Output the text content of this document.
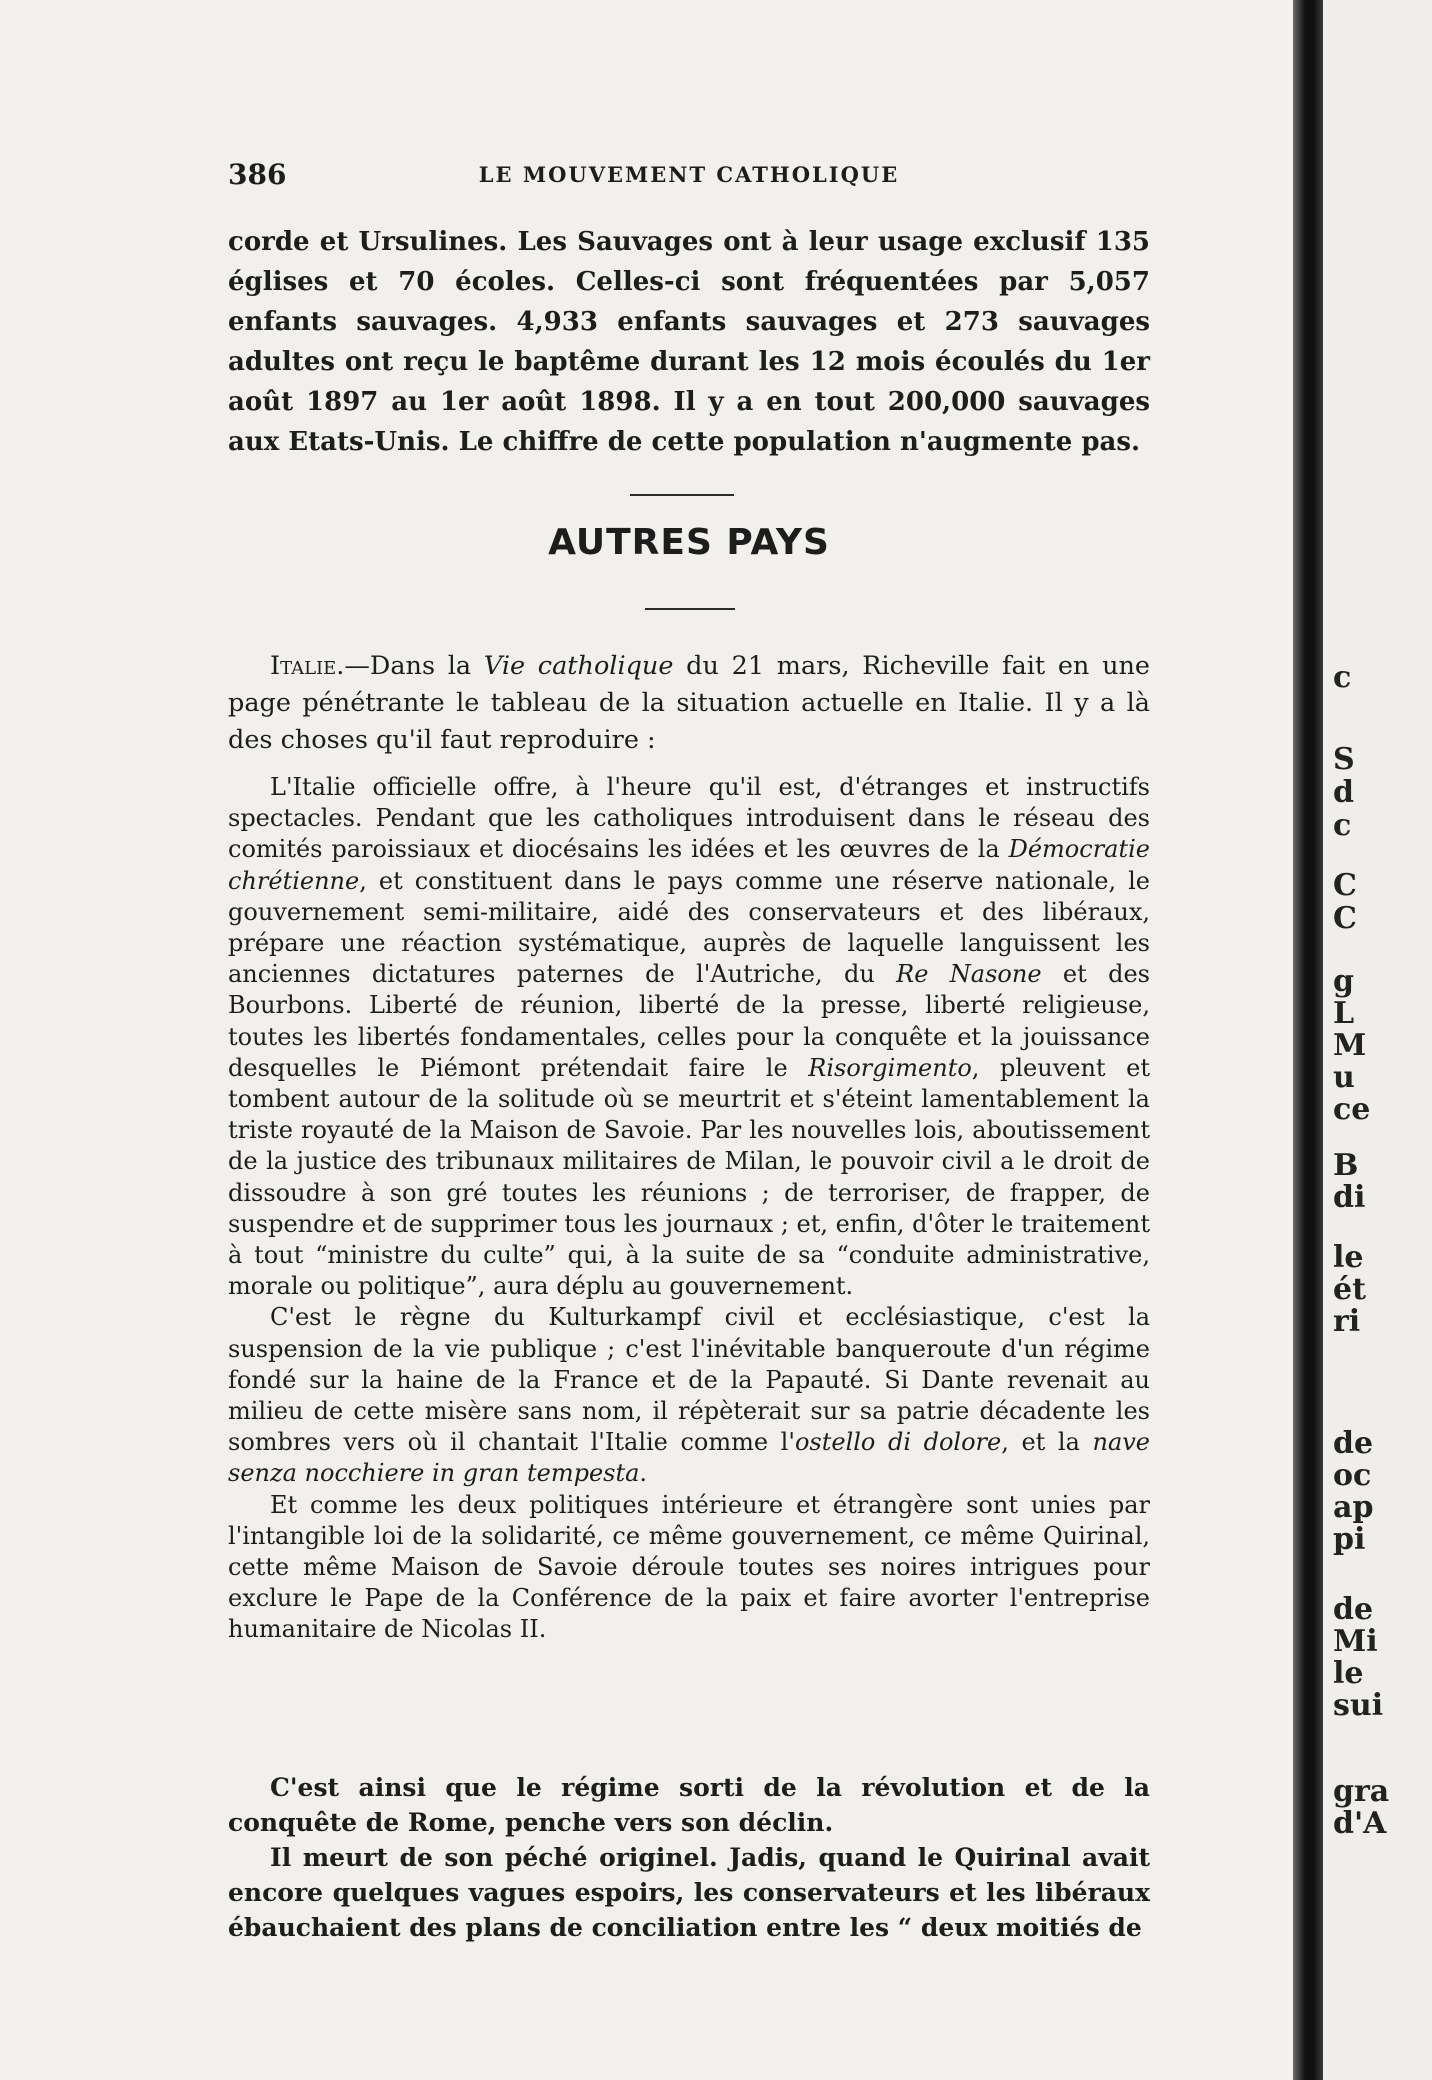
386	LE MOUVEMENT CATHOLIQUE

corde et Ursulines. Les Sauvages ont à leur usage exclusif 135 églises et 70 écoles. Celles-ci sont fréquentées par 5,057 enfants sauvages. 4,933 enfants sauvages et 273 sauvages adultes ont reçu le baptême durant les 12 mois écoulés du 1er août 1897 au 1er août 1898. Il y a en tout 200,000 sauvages aux Etats-Unis. Le chiffre de cette population n'augmente pas.

AUTRES PAYS

Italie.—Dans la Vie catholique du 21 mars, Richeville fait en une page pénétrante le tableau de la situation actuelle en Italie. Il y a là des choses qu'il faut reproduire :

L'Italie officielle offre, à l'heure qu'il est, d'étranges et instructifs spectacles. Pendant que les catholiques introduisent dans le réseau des comités paroissiaux et diocésains les idées et les œuvres de la Démocratie chrétienne, et constituent dans le pays comme une réserve nationale, le gouvernement semi-militaire, aidé des conservateurs et des libéraux, prépare une réaction systématique, auprès de laquelle languissent les anciennes dictatures paternes de l'Autriche, du Re Nasone et des Bourbons. Liberté de réunion, liberté de la presse, liberté religieuse, toutes les libertés fondamentales, celles pour la conquête et la jouissance desquelles le Piémont prétendait faire le Risorgimento, pleuvent et tombent autour de la solitude où se meurtrit et s'éteint lamentablement la triste royauté de la Maison de Savoie. Par les nouvelles lois, aboutissement de la justice des tribunaux militaires de Milan, le pouvoir civil a le droit de dissoudre à son gré toutes les réunions ; de terroriser, de frapper, de suspendre et de supprimer tous les journaux ; et, enfin, d'ôter le traitement à tout “ministre du culte” qui, à la suite de sa “conduite administrative, morale ou politique”, aura déplu au gouvernement.

C'est le règne du Kulturkampf civil et ecclésiastique, c'est la suspension de la vie publique ; c'est l'inévitable banqueroute d'un régime fondé sur la haine de la France et de la Papauté. Si Dante revenait au milieu de cette misère sans nom, il répèterait sur sa patrie décadente les sombres vers où il chantait l'Italie comme l'ostello di dolore, et la nave senza nocchiere in gran tempesta.

Et comme les deux politiques intérieure et étrangère sont unies par l'intangible loi de la solidarité, ce même gouvernement, ce même Quirinal, cette même Maison de Savoie déroule toutes ses noires intrigues pour exclure le Pape de la Conférence de la paix et faire avorter l'entreprise humanitaire de Nicolas II.

C'est ainsi que le régime sorti de la révolution et de la conquête de Rome, penche vers son déclin.

Il meurt de son péché originel. Jadis, quand le Quirinal avait encore quelques vagues espoirs, les conservateurs et les libéraux ébauchaient des plans de conciliation entre les “ deux moitiés de

c
S
d
c
C
C
g
L
M
u
ce
B
di
le
ét
ri
de
oc
ap
pi
de
Mi
le
sui
gra
d'A
